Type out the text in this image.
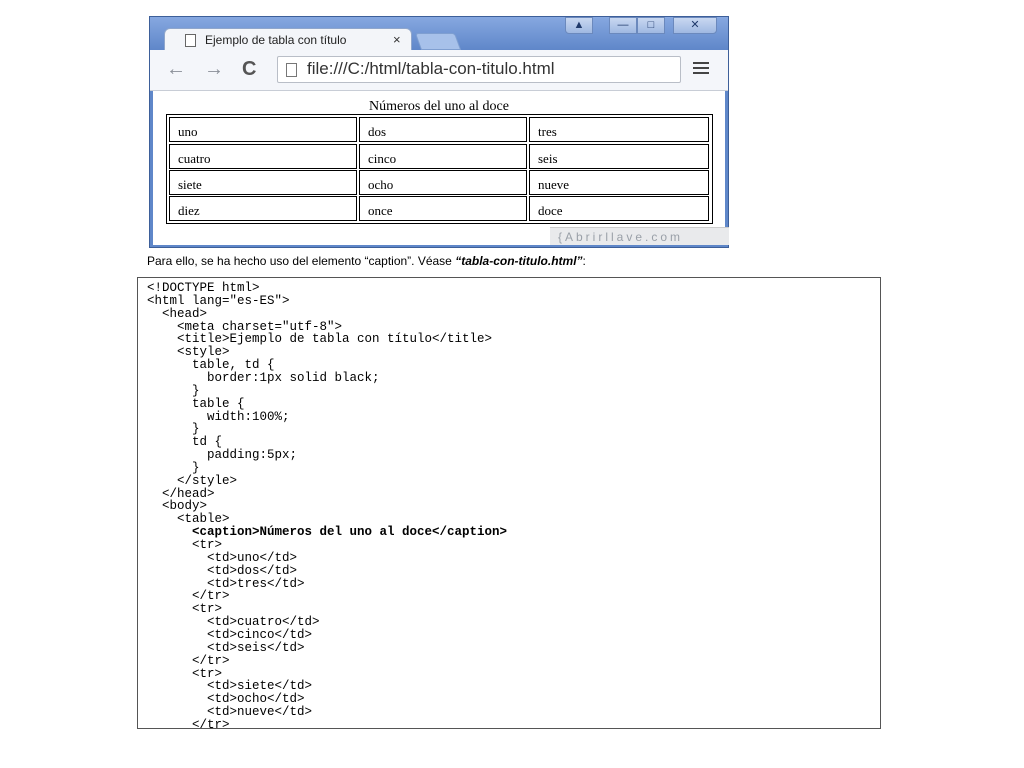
Ejemplo de tabla con título	×
▲	—	□	✕
← → C	file:///C:/html/tabla-con-titulo.html
Números del uno al doce
uno	dos	tres
cuatro	cinco	seis
siete	ocho	nueve
diez	once	doce
{Abrirllave.com
Para ello, se ha hecho uso del elemento “caption”. Véase “tabla-con-titulo.html”:
<!DOCTYPE html>
<html lang="es-ES">
<head>
<meta charset="utf-8">
<title>Ejemplo de tabla con título</title>
<style>
table, td {
border:1px solid black;
}
table {
width:100%;
}
td {
padding:5px;
}
</style>
</head>
<body>
<table>
<caption>Números del uno al doce</caption>
<tr>
<td>uno</td>
<td>dos</td>
<td>tres</td>
</tr>
<tr>
<td>cuatro</td>
<td>cinco</td>
<td>seis</td>
</tr>
<tr>
<td>siete</td>
<td>ocho</td>
<td>nueve</td>
</tr>
